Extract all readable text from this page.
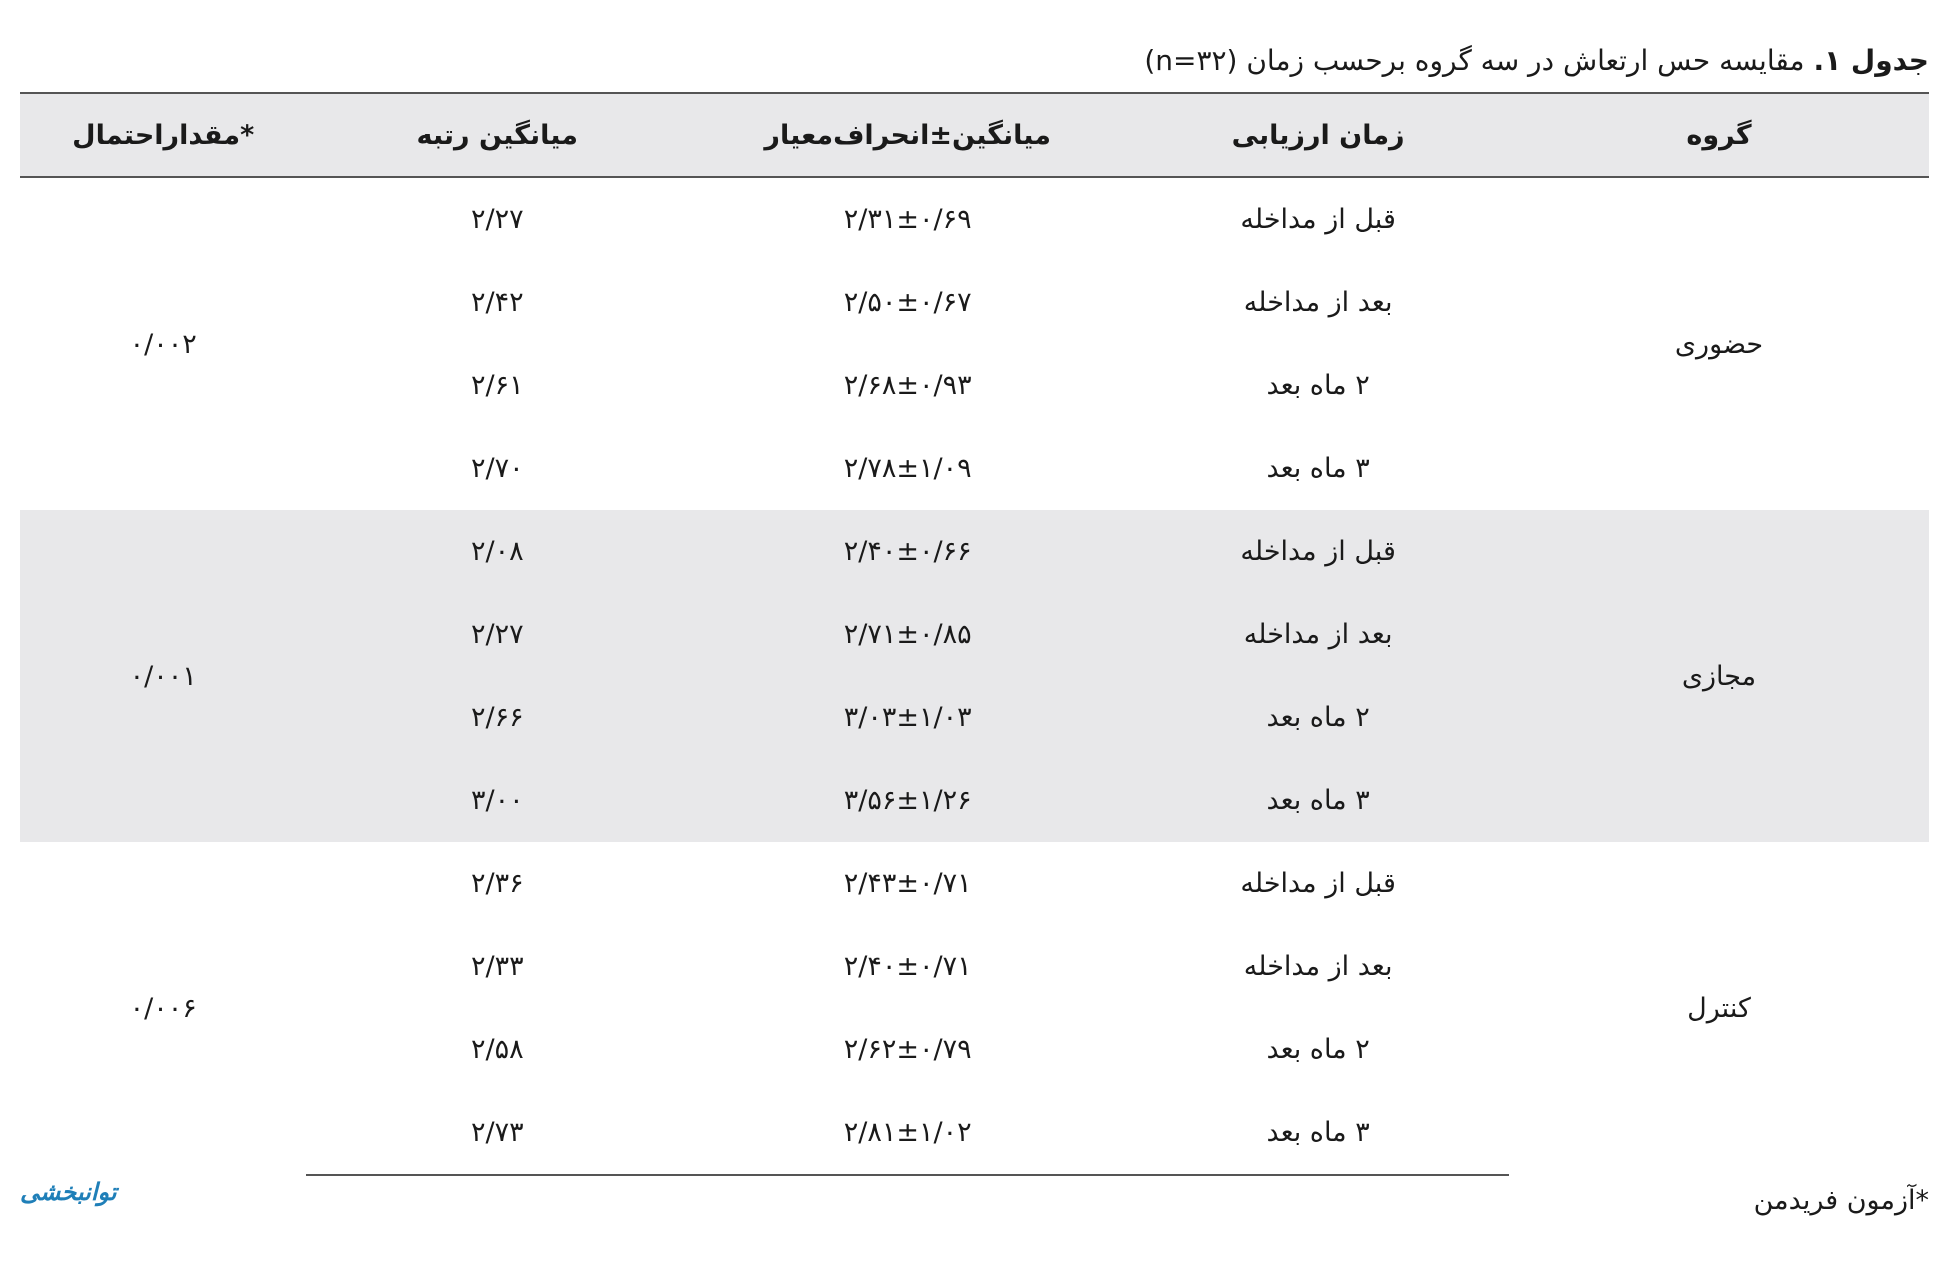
جدول ۱. مقایسه حس ارتعاش در سه گروه برحسب زمان (n=۳۲)
گروه	زمان ارزیابی	میانگین±انحراف‌معیار	میانگین رتبه	*مقداراحتمال
حضوری	قبل از مداخله	۲/۳۱±۰/۶۹	۲/۲۷	۰/۰۰۲
	بعد از مداخله	۲/۵۰±۰/۶۷	۲/۴۲	
	۲ ماه بعد	۲/۶۸±۰/۹۳	۲/۶۱	
	۳ ماه بعد	۲/۷۸±۱/۰۹	۲/۷۰	
مجازی	قبل از مداخله	۲/۴۰±۰/۶۶	۲/۰۸	۰/۰۰۱
	بعد از مداخله	۲/۷۱±۰/۸۵	۲/۲۷	
	۲ ماه بعد	۳/۰۳±۱/۰۳	۲/۶۶	
	۳ ماه بعد	۳/۵۶±۱/۲۶	۳/۰۰	
کنترل	قبل از مداخله	۲/۴۳±۰/۷۱	۲/۳۶	۰/۰۰۶
	بعد از مداخله	۲/۴۰±۰/۷۱	۲/۳۳	
	۲ ماه بعد	۲/۶۲±۰/۷۹	۲/۵۸	
	۳ ماه بعد	۲/۸۱±۱/۰۲	۲/۷۳	
*آزمون فریدمن
توانبخشی
